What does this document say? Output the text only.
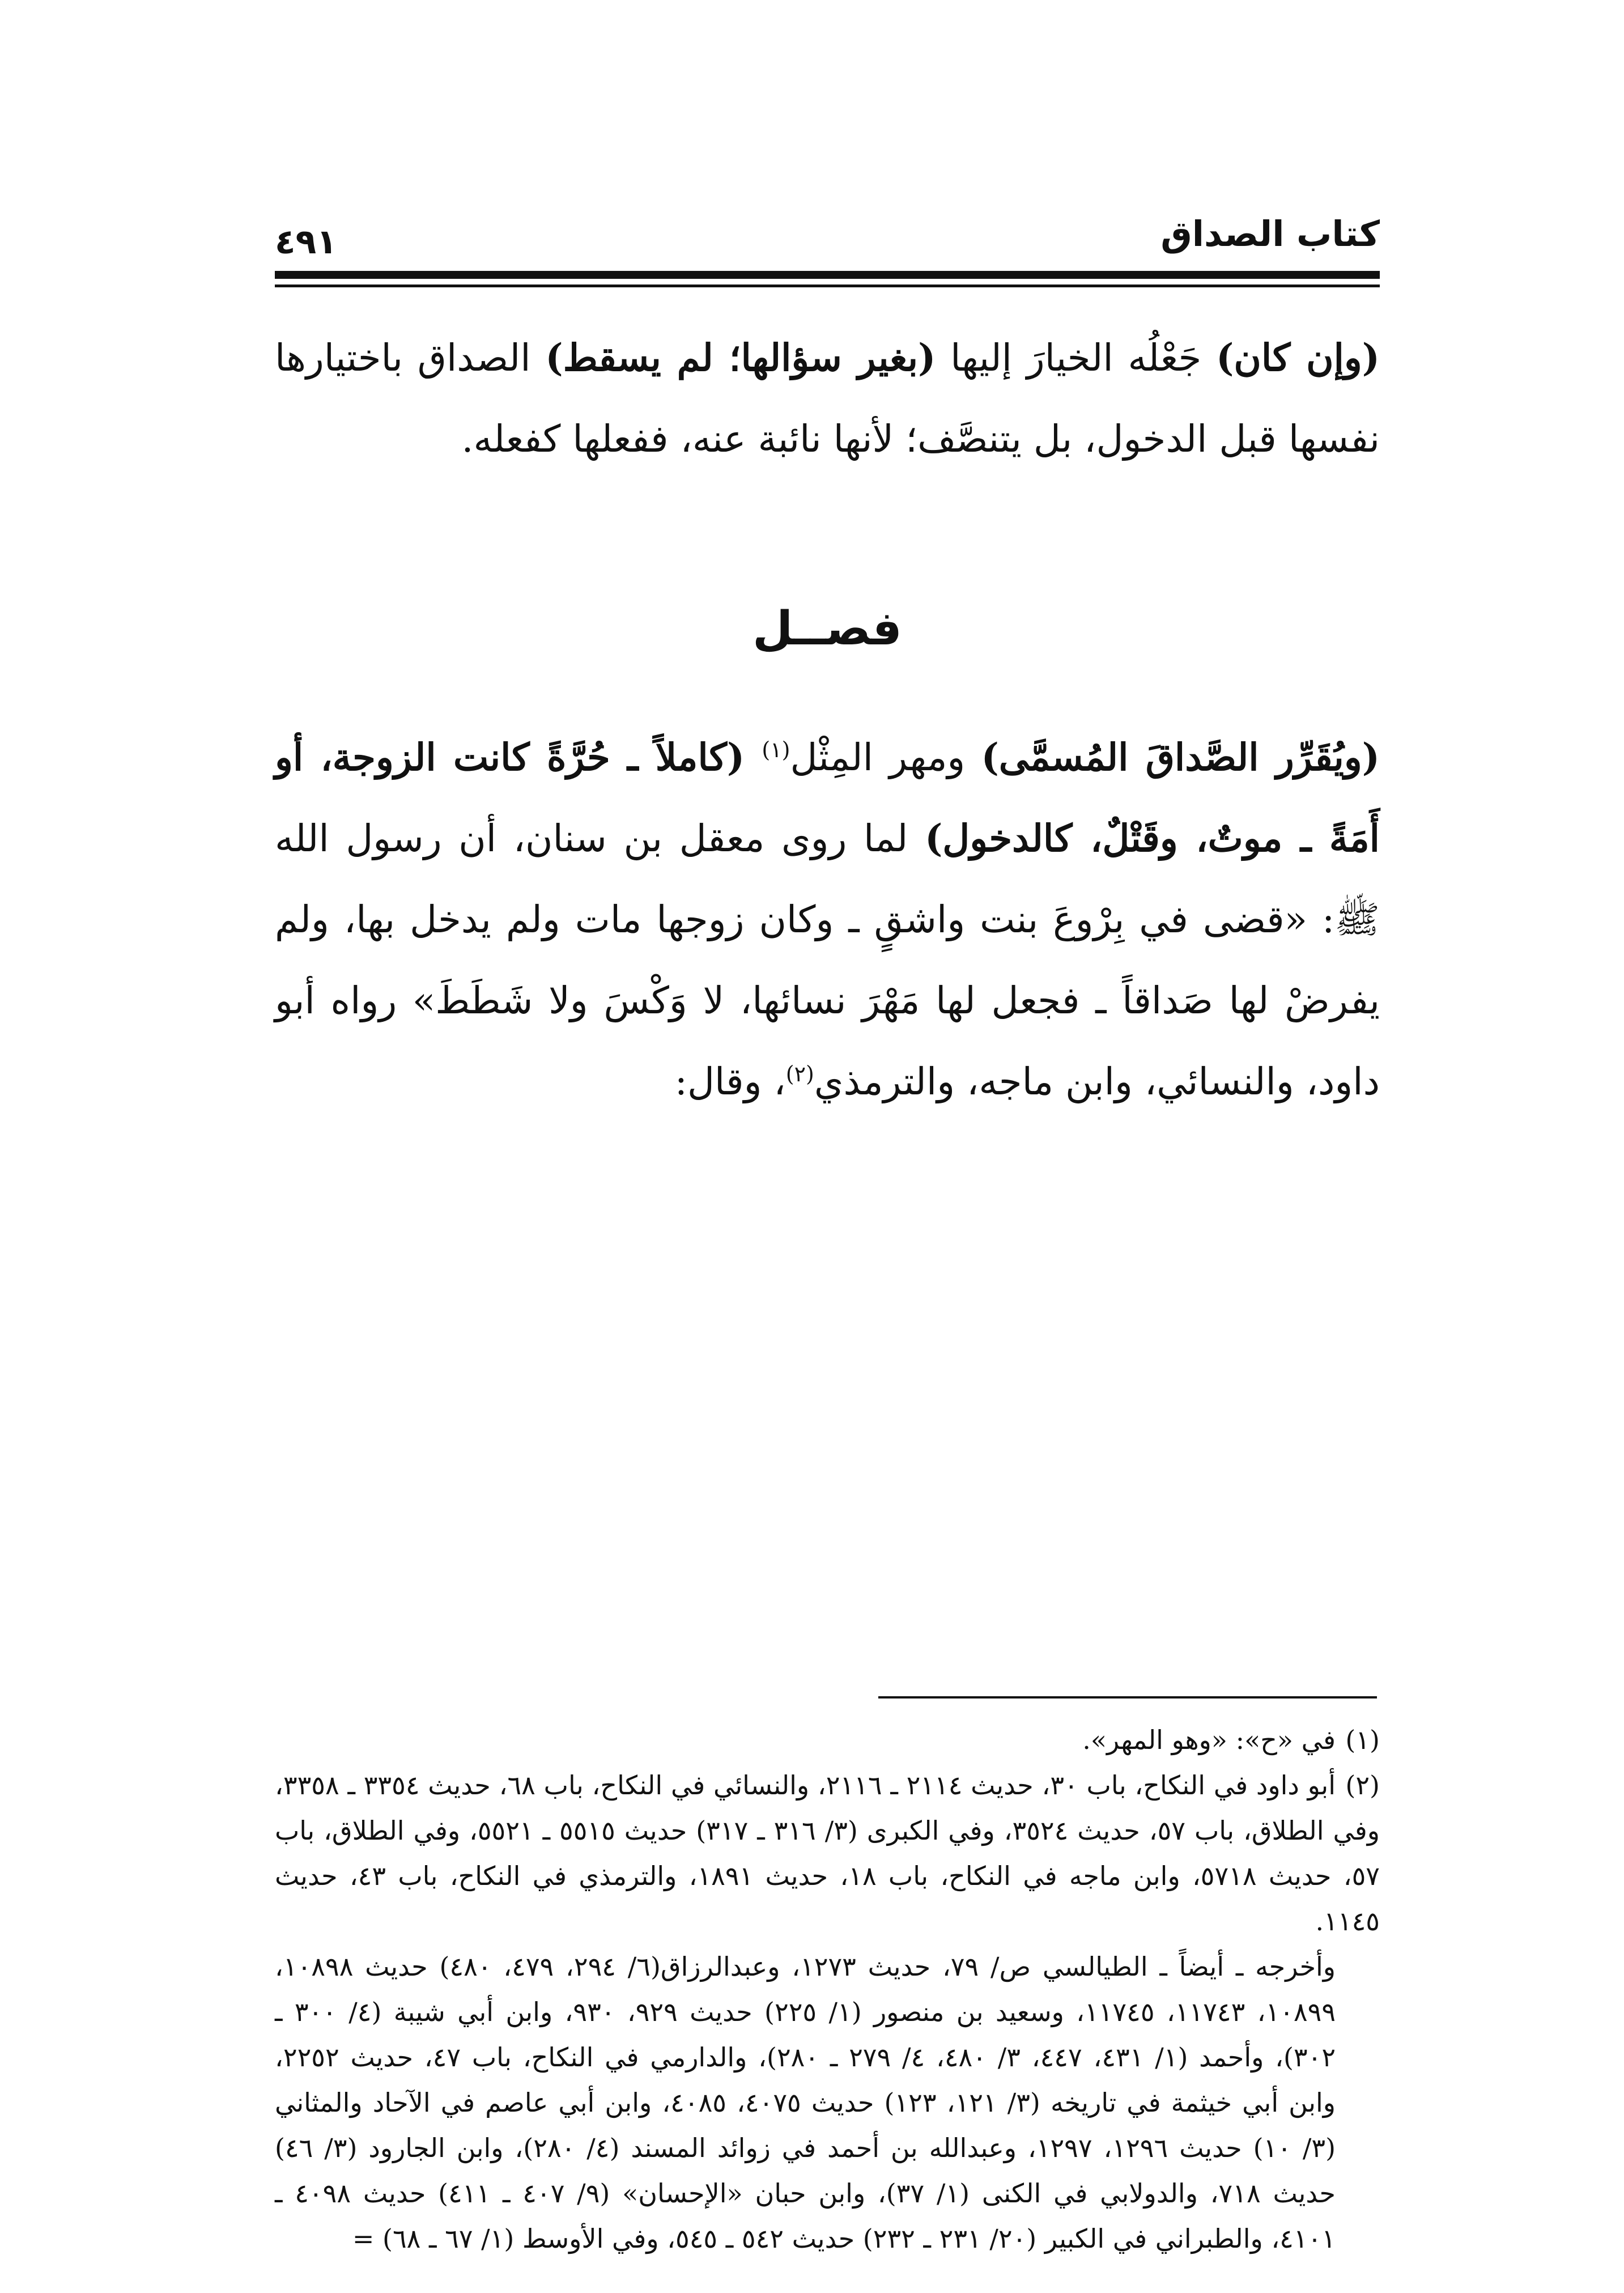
كتاب الصداق
٤٩١

(وإن كان) جَعْلُه الخيارَ إليها (بغير سؤالها؛ لم يسقط) الصداق باختيارها نفسها قبل الدخول، بل يتنصَّف؛ لأنها نائبة عنه، ففعلها كفعله.

فصــل

(ويُقَرِّر الصَّداقَ المُسمَّى) ومهر المِثْل$^{(١)}$ (كاملاً ـ حُرَّةً كانت الزوجة، أو أَمَةً ـ موتٌ، وقَتْلٌ، كالدخول) لما روى معقل بن سنان، أن رسول الله ﷺ: «قضى في بِرْوعَ بنت واشقٍ ـ وكان زوجها مات ولم يدخل بها، ولم يفرضْ لها صَداقاً ـ فجعل لها مَهْرَ نسائها، لا وَكْسَ ولا شَطَطَ» رواه أبو داود، والنسائي، وابن ماجه، والترمذي$^{(٢)}$، وقال:

(١)في «ح»: «وهو المهر».

(٢)أبو داود في النكاح، باب ٣٠، حديث ٢١١٤ ـ ٢١١٦، والنسائي في النكاح، باب ٦٨، حديث ٣٣٥٤ ـ ٣٣٥٨، وفي الطلاق، باب ٥٧، حديث ٣٥٢٤، وفي الكبرى (٣/ ٣١٦ ـ ٣١٧) حديث ٥٥١٥ ـ ٥٥٢١، وفي الطلاق، باب ٥٧، حديث ٥٧١٨، وابن ماجه في النكاح، باب ١٨، حديث ١٨٩١، والترمذي في النكاح، باب ٤٣، حديث ١١٤٥.

وأخرجه ـ أيضاً ـ الطيالسي ص/ ٧٩، حديث ١٢٧٣، وعبدالرزاق(٦/ ٢٩٤، ٤٧٩، ٤٨٠) حديث ١٠٨٩٨، ١٠٨٩٩، ١١٧٤٣، ١١٧٤٥، وسعيد بن منصور (١/ ٢٢٥) حديث ٩٢٩، ٩٣٠، وابن أبي شيبة (٤/ ٣٠٠ ـ ٣٠٢)، وأحمد (١/ ٤٣١، ٤٤٧، ٣/ ٤٨٠، ٤/ ٢٧٩ ـ ٢٨٠)، والدارمي في النكاح، باب ٤٧، حديث ٢٢٥٢، وابن أبي خيثمة في تاريخه (٣/ ١٢١، ١٢٣) حديث ٤٠٧٥، ٤٠٨٥، وابن أبي عاصم في الآحاد والمثاني (٣/ ١٠) حديث ١٢٩٦، ١٢٩٧، وعبدالله بن أحمد في زوائد المسند (٤/ ٢٨٠)، وابن الجارود (٣/ ٤٦) حديث ٧١٨، والدولابي في الكنى (١/ ٣٧)، وابن حبان «الإحسان» (٩/ ٤٠٧ ـ ٤١١) حديث ٤٠٩٨ ـ ٤١٠١، والطبراني في الكبير (٢٠/ ٢٣١ ـ ٢٣٢) حديث ٥٤٢ ـ ٥٤٥، وفي الأوسط (١/ ٦٧ ـ ٦٨) =
